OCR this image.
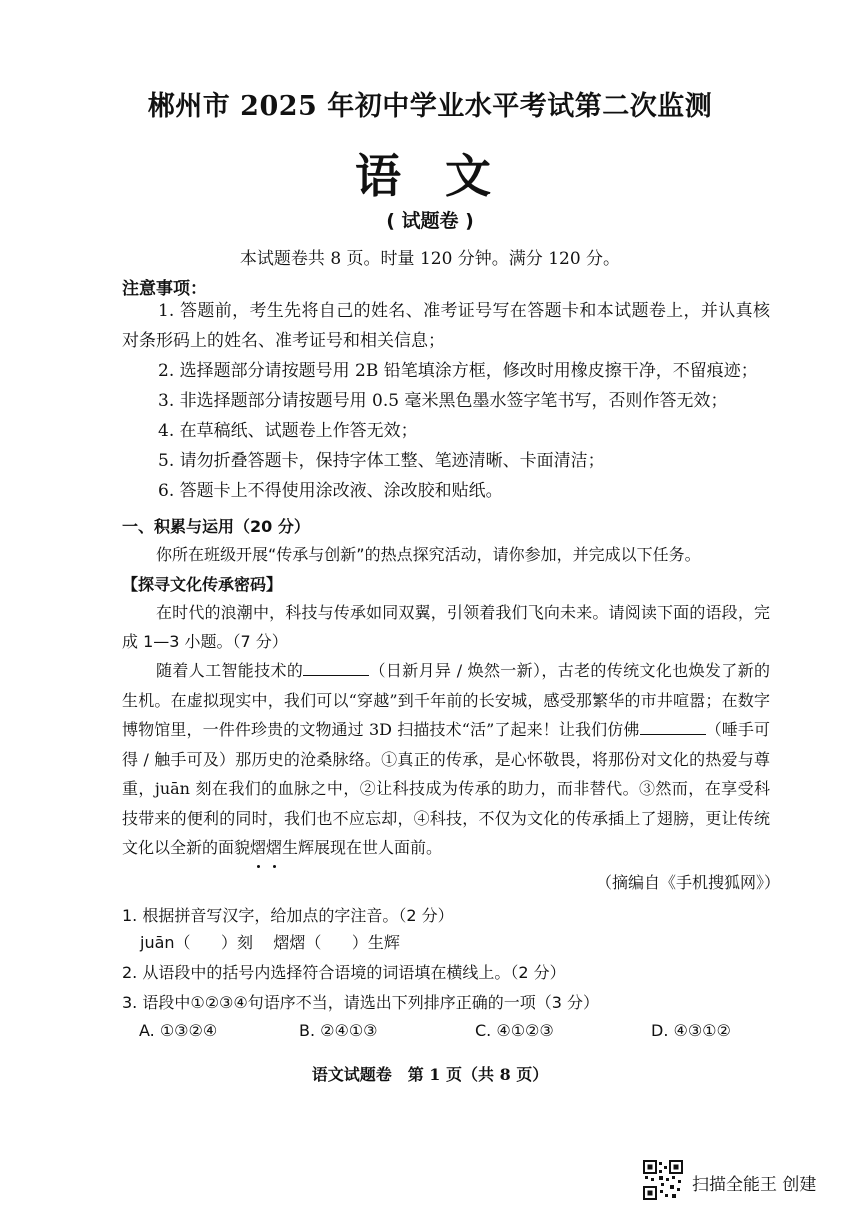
郴州市 2025 年初中学业水平考试第二次监测
语 文
( 试题卷 )
本试题卷共 8 页。时量 120 分钟。满分 120 分。
注意事项：
1. 答题前，考生先将自己的姓名、准考证号写在答题卡和本试题卷上，并认真核对条形码上的姓名、准考证号和相关信息；
2. 选择题部分请按题号用 2B 铅笔填涂方框，修改时用橡皮擦干净，不留痕迹；
3. 非选择题部分请按题号用 0.5 毫米黑色墨水签字笔书写，否则作答无效；
4. 在草稿纸、试题卷上作答无效；
5. 请勿折叠答题卡，保持字体工整、笔迹清晰、卡面清洁；
6. 答题卡上不得使用涂改液、涂改胶和贴纸。
一、积累与运用（20 分）
你所在班级开展“传承与创新”的热点探究活动，请你参加，并完成以下任务。
【探寻文化传承密码】
在时代的浪潮中，科技与传承如同双翼，引领着我们飞向未来。请阅读下面的语段，完成 1—3 小题。（7 分）
随着人工智能技术的	（日新月异 / 焕然一新），古老的传统文化也焕发了新的生机。在虚拟现实中，我们可以“穿越”到千年前的长安城，感受那繁华的市井喧嚣；在数字博物馆里，一件件珍贵的文物通过 3D 扫描技术“活”了起来！让我们仿佛	（唾手可得 / 触手可及）那历史的沧桑脉络。①真正的传承，是心怀敬畏，将那份对文化的热爱与尊重，juān 刻在我们的血脉之中，②让科技成为传承的助力，而非替代。③然而，在享受科技带来的便利的同时，我们也不应忘却，④科技，不仅为文化的传承插上了翅膀，更让传统文化以全新的面貌熠熠生辉展现在世人面前。
（摘编自《手机搜狐网》）
1. 根据拼音写汉字，给加点的字注音。（2 分）
juān（      ）刻    熠熠（      ）生辉
2. 从语段中的括号内选择符合语境的词语填在横线上。（2 分）
3. 语段中①②③④句语序不当，请选出下列排序正确的一项（3 分）
A. ①③②④	B. ②④①③	C. ④①②③	D. ④③①②
语文试题卷　第 1 页（共 8 页）
扫描全能王 创建
